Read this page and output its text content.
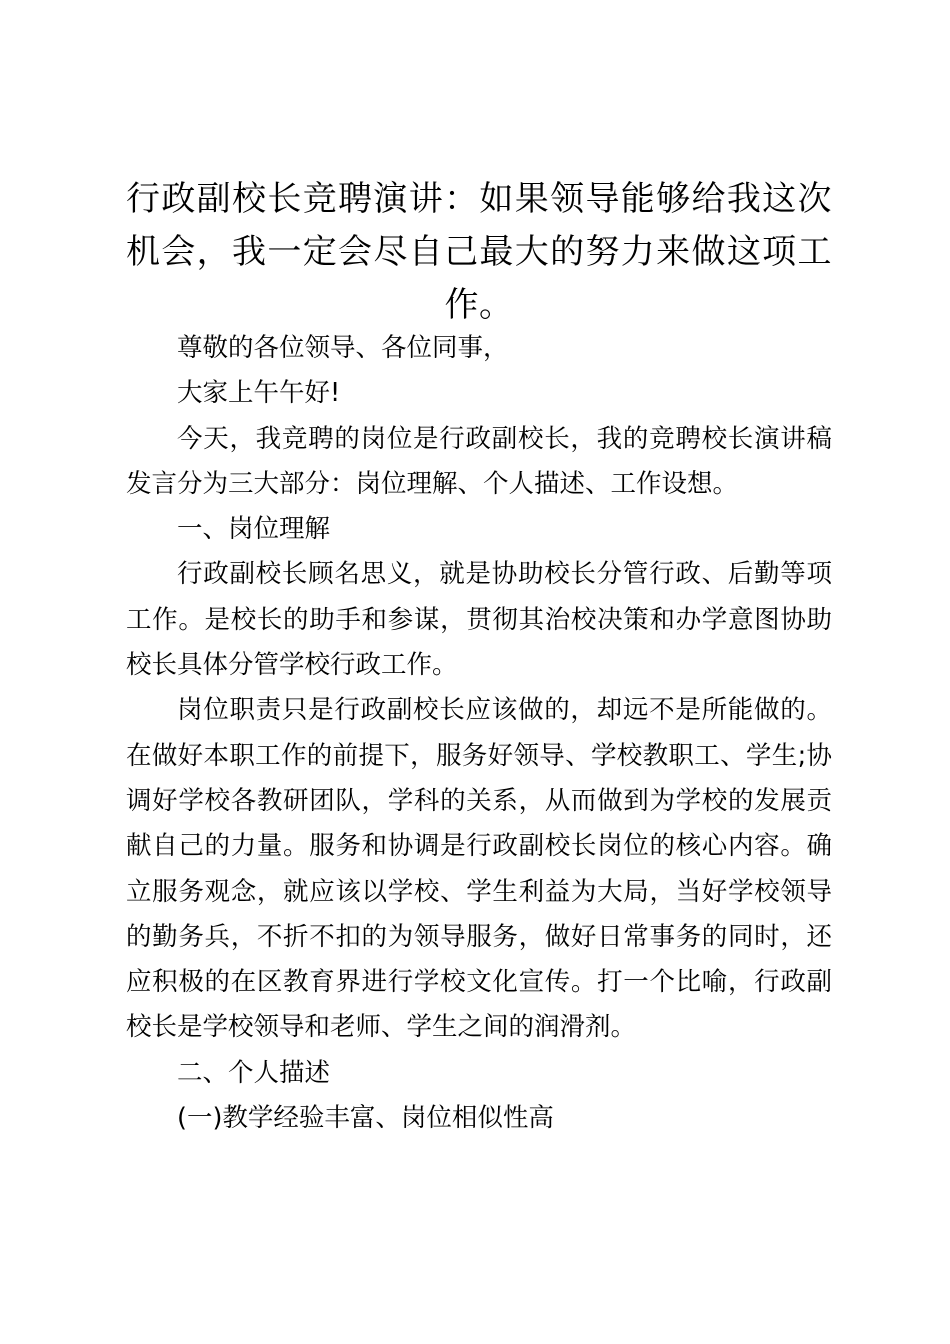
行政副校长竞聘演讲：如果领导能够给我这次机会，我一定会尽自己最大的努力来做这项工作。

尊敬的各位领导、各位同事，

大家上午午好!

今天，我竞聘的岗位是行政副校长，我的竞聘校长演讲稿发言分为三大部分：岗位理解、个人描述、工作设想。

一、岗位理解

行政副校长顾名思义，就是协助校长分管行政、后勤等项工作。是校长的助手和参谋，贯彻其治校决策和办学意图协助校长具体分管学校行政工作。

岗位职责只是行政副校长应该做的，却远不是所能做的。在做好本职工作的前提下，服务好领导、学校教职工、学生;协调好学校各教研团队，学科的关系，从而做到为学校的发展贡献自己的力量。服务和协调是行政副校长岗位的核心内容。确立服务观念，就应该以学校、学生利益为大局，当好学校领导的勤务兵，不折不扣的为领导服务，做好日常事务的同时，还应积极的在区教育界进行学校文化宣传。打一个比喻，行政副校长是学校领导和老师、学生之间的润滑剂。

二、个人描述

(一)教学经验丰富、岗位相似性高
